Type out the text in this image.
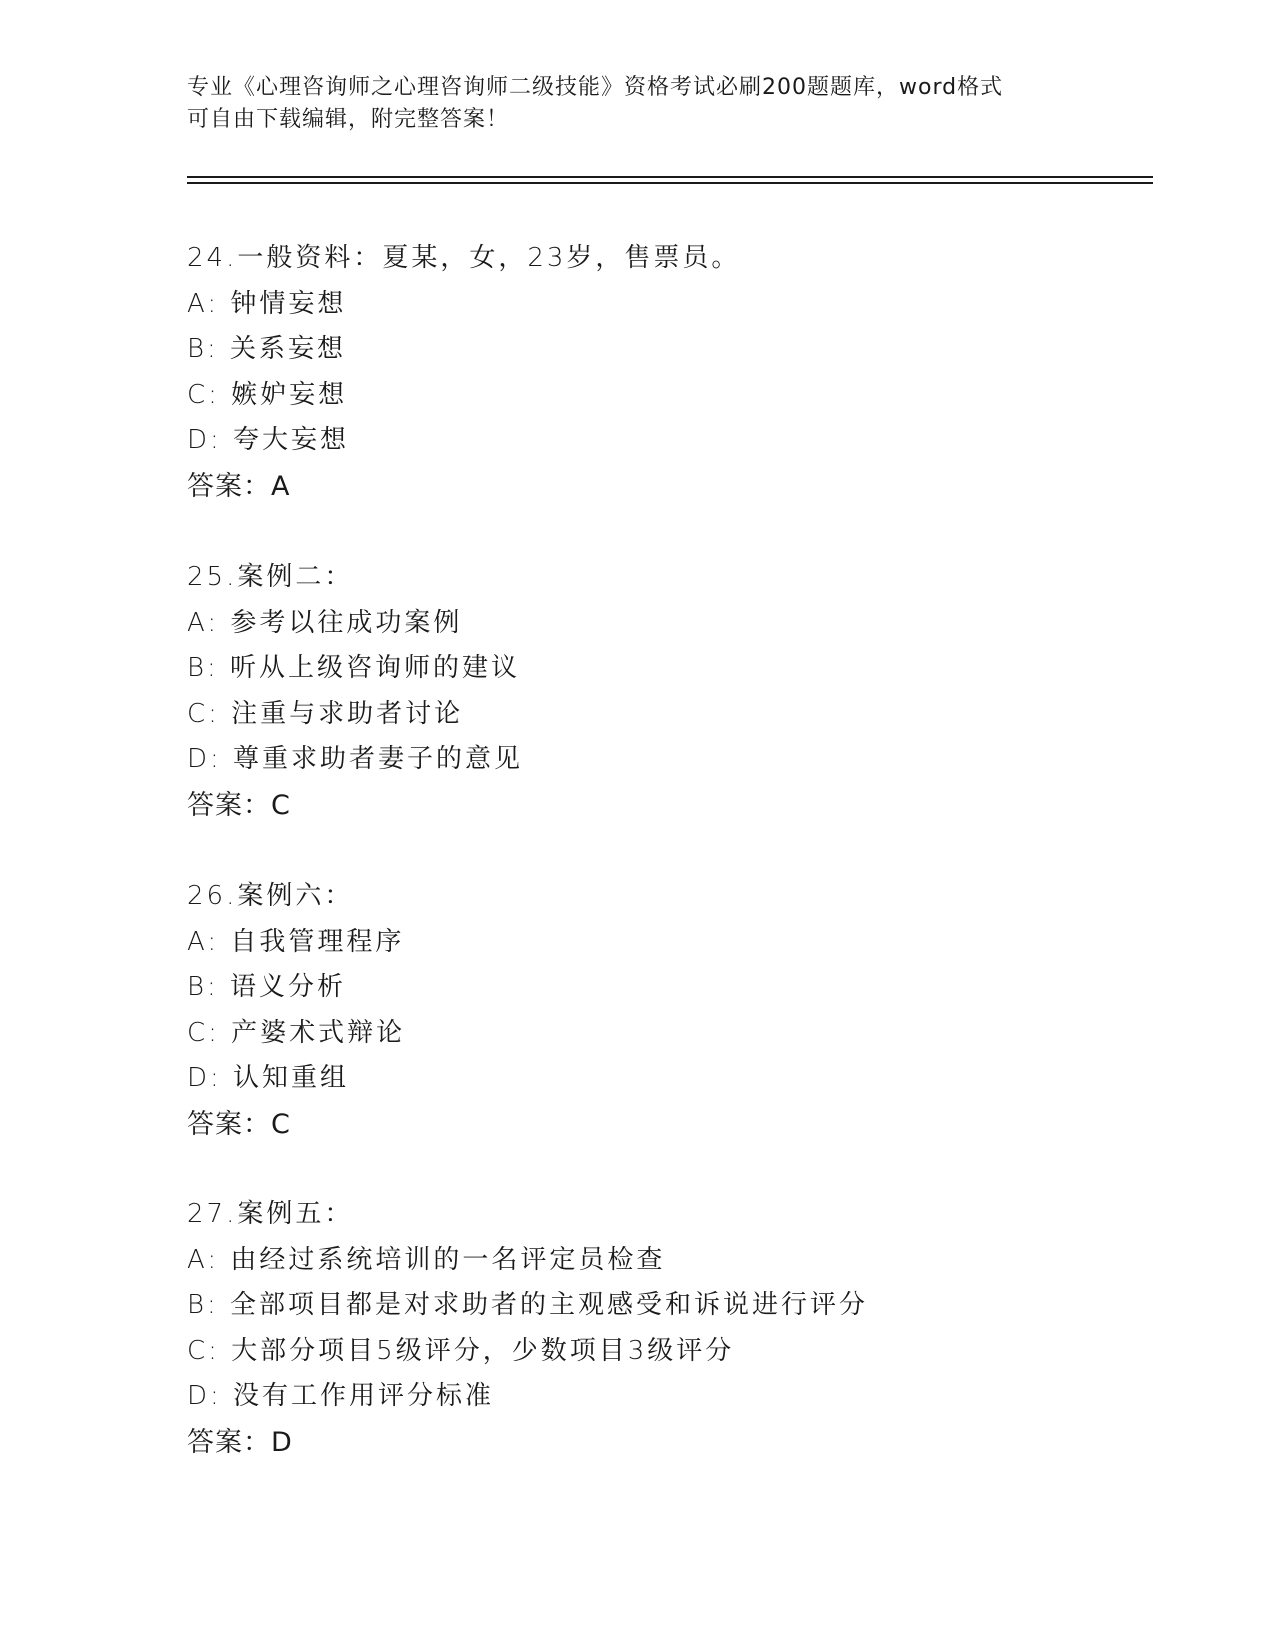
专业《心理咨询师之心理咨询师二级技能》资格考试必刷200题题库，word格式
可自由下载编辑，附完整答案！
24.一般资料：夏某，女，23岁，售票员。
A: 钟情妄想
B: 关系妄想
C: 嫉妒妄想
D: 夸大妄想
答案：A
25.案例二：
A: 参考以往成功案例
B: 听从上级咨询师的建议
C: 注重与求助者讨论
D: 尊重求助者妻子的意见
答案：C
26.案例六：
A: 自我管理程序
B: 语义分析
C: 产婆术式辩论
D: 认知重组
答案：C
27.案例五：
A: 由经过系统培训的一名评定员检查
B: 全部项目都是对求助者的主观感受和诉说进行评分
C: 大部分项目5级评分，少数项目3级评分
D: 没有工作用评分标准
答案：D
